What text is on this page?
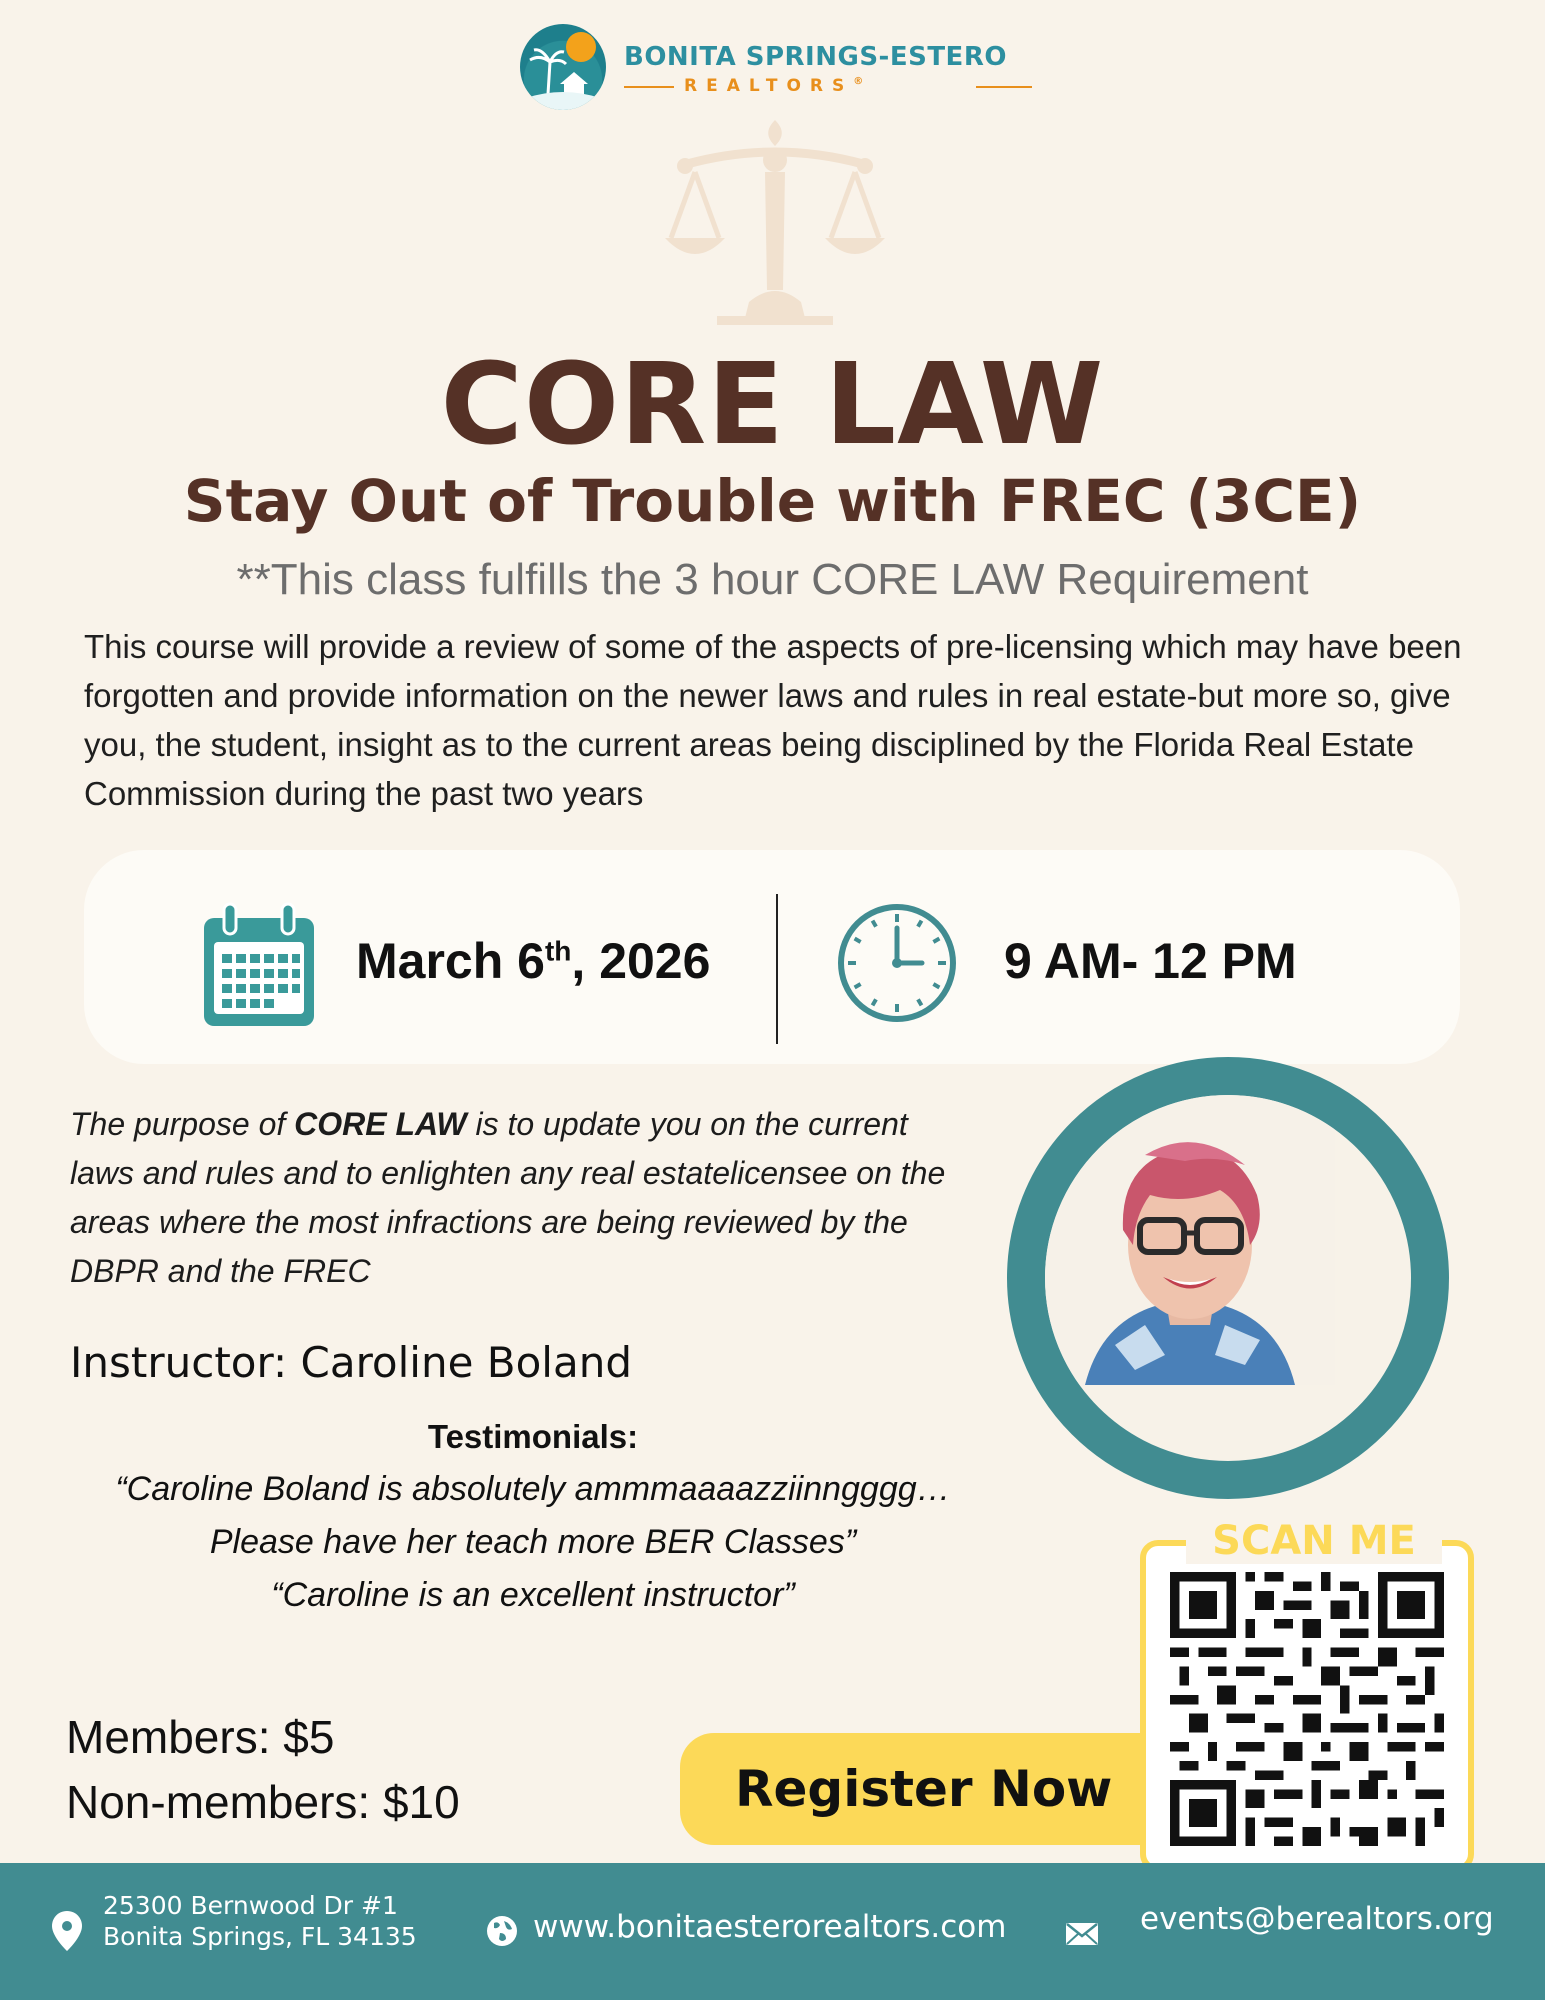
BONITA SPRINGS-ESTERO
REALTORS®
CORE LAW
Stay Out of Trouble with FREC (3CE)
**This class fulfills the 3 hour CORE LAW Requirement
This course will provide a review of some of the aspects of pre-licensing which may have been forgotten and provide information on the newer laws and rules in real estate-but more so, give you, the student, insight as to the current areas being disciplined by the Florida Real Estate Commission during the past two years
March 6th, 2026	9 AM- 12 PM
The purpose of CORE LAW is to update you on the current laws and rules and to enlighten any real estatelicensee on the areas where the most infractions are being reviewed by the DBPR and the FREC
Instructor: Caroline Boland
Testimonials:
“Caroline Boland is absolutely ammmaaaazziinngggg…
Please have her teach more BER Classes”
“Caroline is an excellent instructor”
Members: $5
Non-members: $10	Register Now
SCAN ME
25300 Bernwood Dr #1
Bonita Springs, FL 34135	www.bonitaesterorealtors.com	events@berealtors.org
